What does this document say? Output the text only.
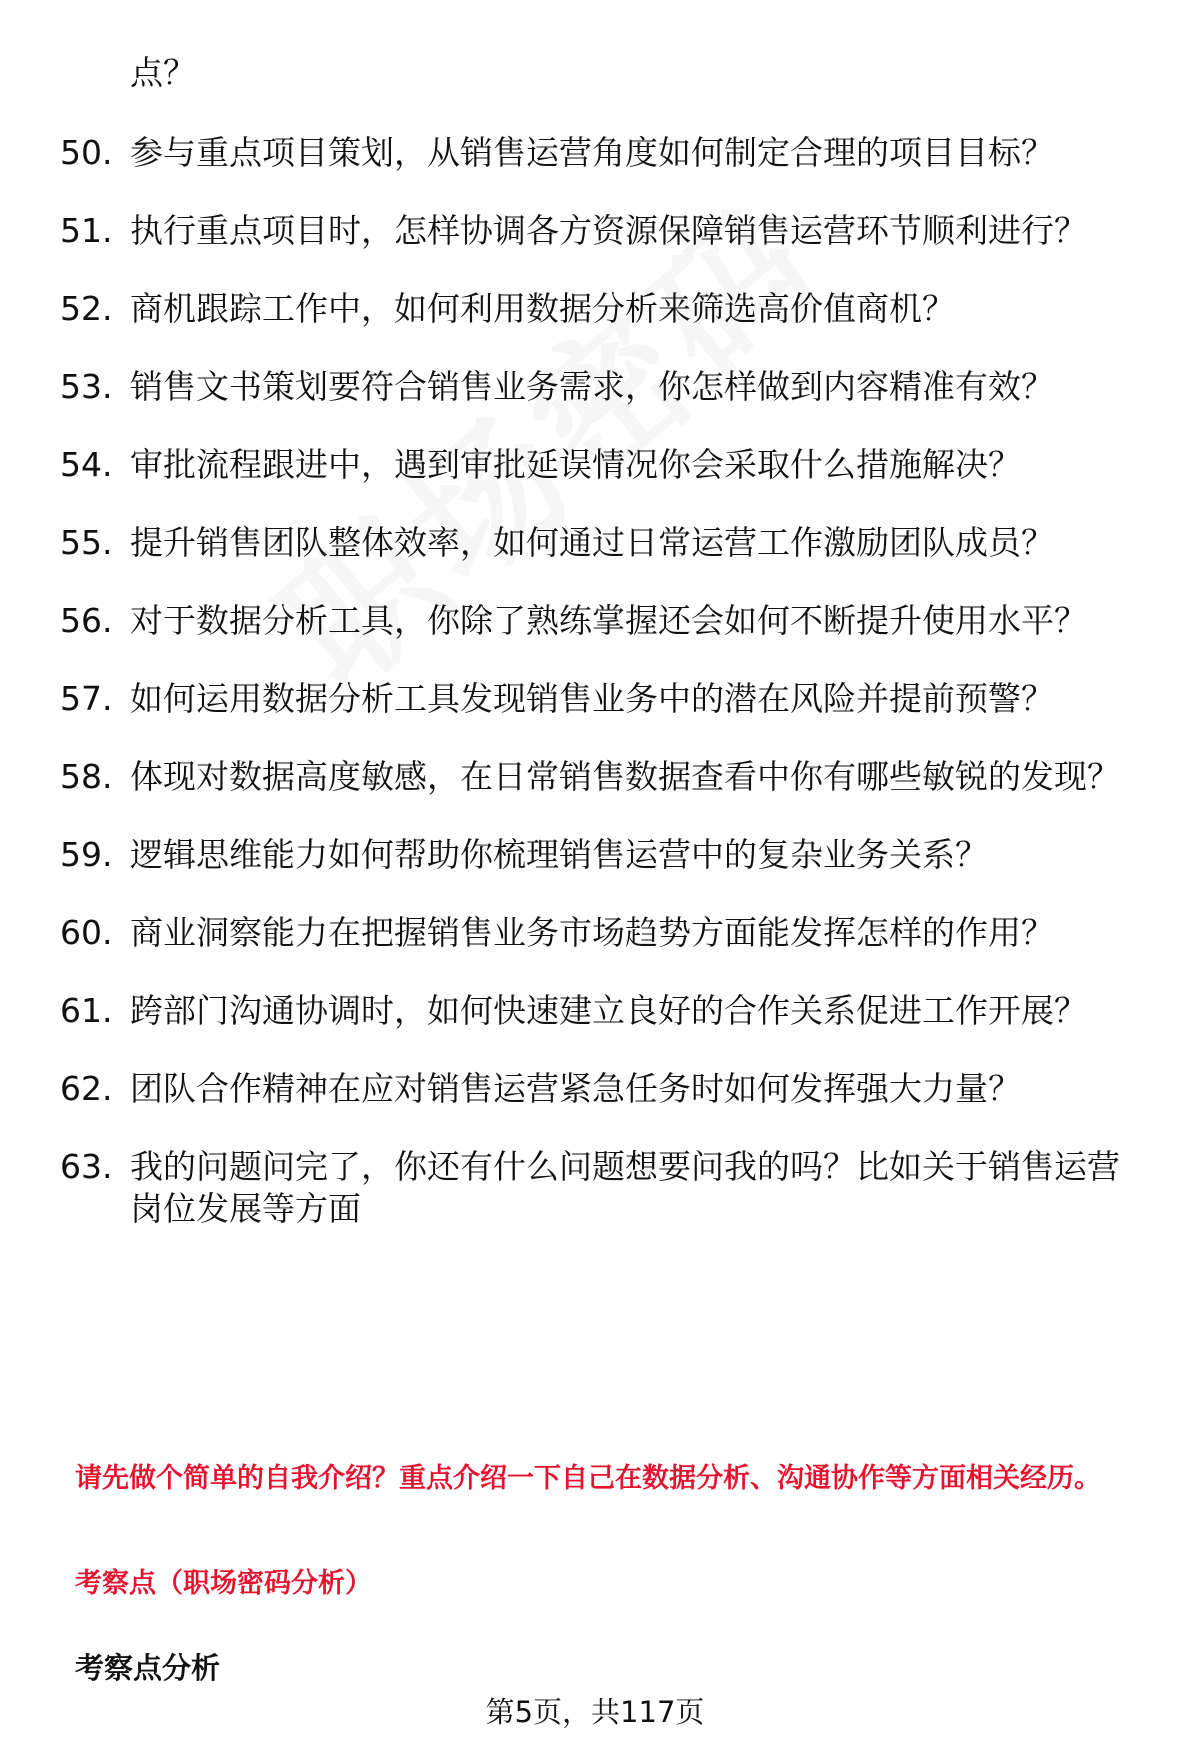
点？
50. 参与重点项目策划，从销售运营角度如何制定合理的项目目标？
51. 执行重点项目时，怎样协调各方资源保障销售运营环节顺利进行？
52. 商机跟踪工作中，如何利用数据分析来筛选高价值商机？
53. 销售文书策划要符合销售业务需求，你怎样做到内容精准有效？
54. 审批流程跟进中，遇到审批延误情况你会采取什么措施解决？
55. 提升销售团队整体效率，如何通过日常运营工作激励团队成员？
56. 对于数据分析工具，你除了熟练掌握还会如何不断提升使用水平？
57. 如何运用数据分析工具发现销售业务中的潜在风险并提前预警？
58. 体现对数据高度敏感，在日常销售数据查看中你有哪些敏锐的发现？
59. 逻辑思维能力如何帮助你梳理销售运营中的复杂业务关系？
60. 商业洞察能力在把握销售业务市场趋势方面能发挥怎样的作用？
61. 跨部门沟通协调时，如何快速建立良好的合作关系促进工作开展？
62. 团队合作精神在应对销售运营紧急任务时如何发挥强大力量？
63. 我的问题问完了，你还有什么问题想要问我的吗？比如关于销售运营岗位发展等方面
请先做个简单的自我介绍？重点介绍一下自己在数据分析、沟通协作等方面相关经历。
考察点（职场密码分析）
考察点分析
第5页，共117页
